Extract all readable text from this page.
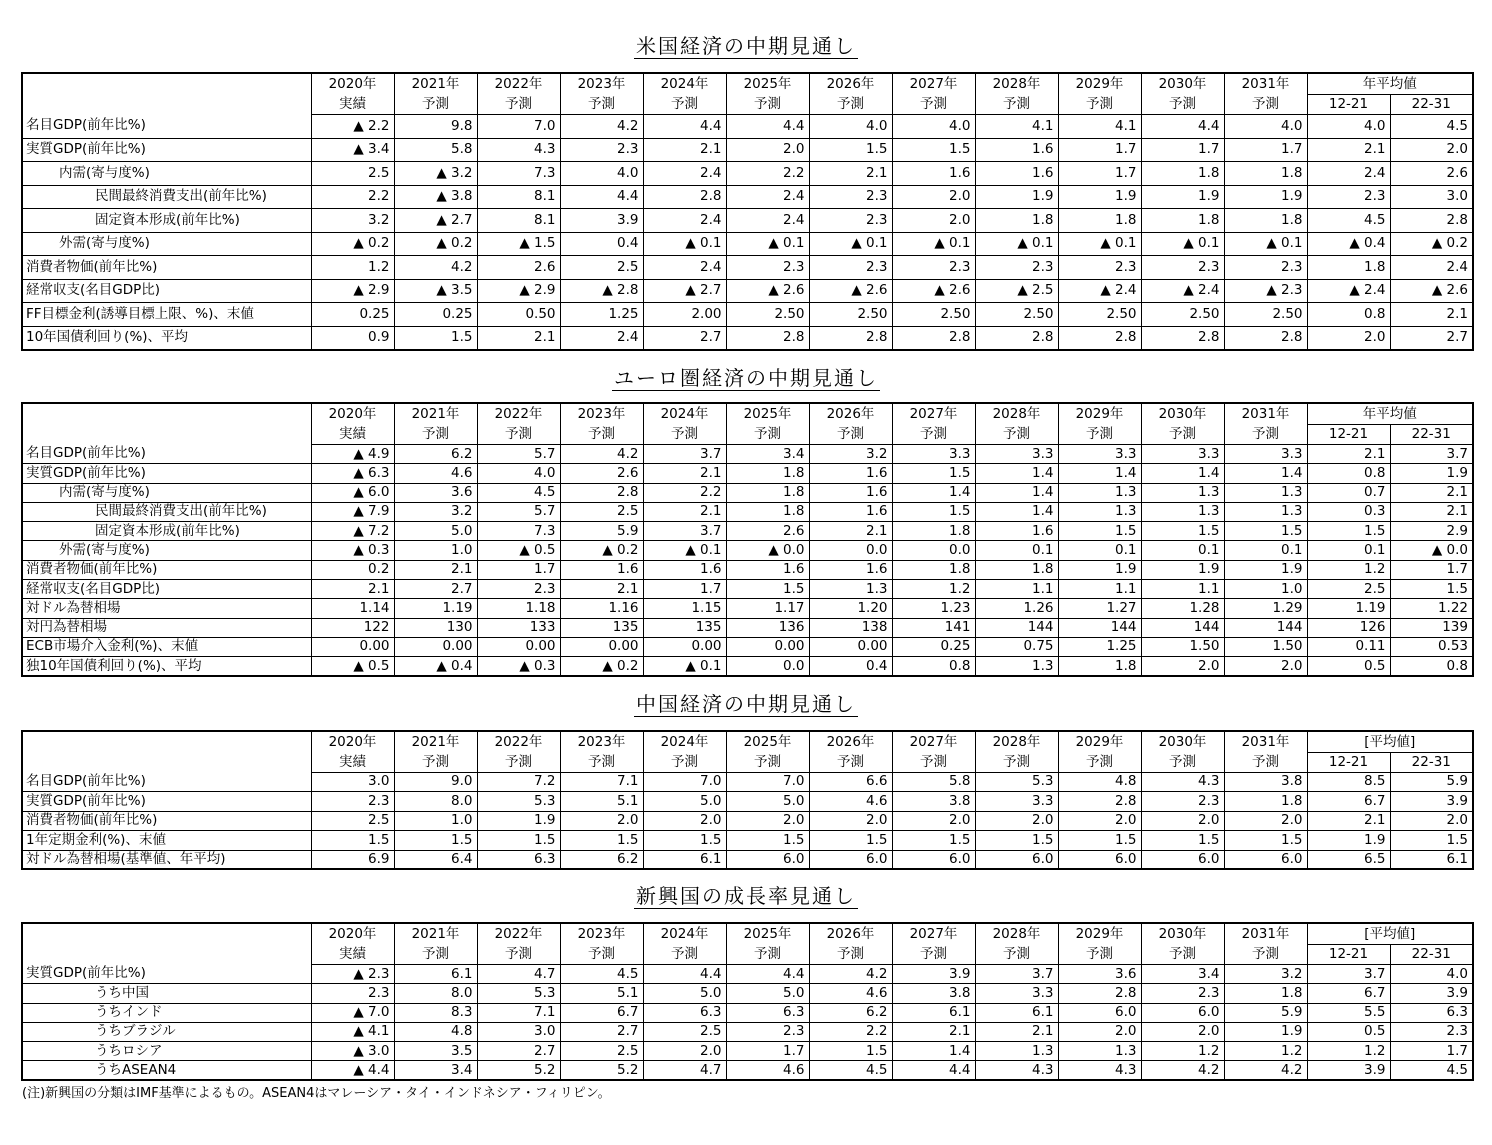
米国経済の中期見通し
	2020年	2021年	2022年	2023年	2024年	2025年	2026年	2027年	2028年	2029年	2030年	2031年	年平均値	
	実績	予測	予測	予測	予測	予測	予測	予測	予測	予測	予測	予測	12-21	22-31
名目GDP(前年比%)	▲ 2.2	9.8	7.0	4.2	4.4	4.4	4.0	4.0	4.1	4.1	4.4	4.0	4.0	4.5
実質GDP(前年比%)	▲ 3.4	5.8	4.3	2.3	2.1	2.0	1.5	1.5	1.6	1.7	1.7	1.7	2.1	2.0
内需(寄与度%)	2.5	▲ 3.2	7.3	4.0	2.4	2.2	2.1	1.6	1.6	1.7	1.8	1.8	2.4	2.6
民間最終消費支出(前年比%)	2.2	▲ 3.8	8.1	4.4	2.8	2.4	2.3	2.0	1.9	1.9	1.9	1.9	2.3	3.0
固定資本形成(前年比%)	3.2	▲ 2.7	8.1	3.9	2.4	2.4	2.3	2.0	1.8	1.8	1.8	1.8	4.5	2.8
外需(寄与度%)	▲ 0.2	▲ 0.2	▲ 1.5	0.4	▲ 0.1	▲ 0.1	▲ 0.1	▲ 0.1	▲ 0.1	▲ 0.1	▲ 0.1	▲ 0.1	▲ 0.4	▲ 0.2
消費者物価(前年比%)	1.2	4.2	2.6	2.5	2.4	2.3	2.3	2.3	2.3	2.3	2.3	2.3	1.8	2.4
経常収支(名目GDP比)	▲ 2.9	▲ 3.5	▲ 2.9	▲ 2.8	▲ 2.7	▲ 2.6	▲ 2.6	▲ 2.6	▲ 2.5	▲ 2.4	▲ 2.4	▲ 2.3	▲ 2.4	▲ 2.6
FF目標金利(誘導目標上限、%)、末値	0.25	0.25	0.50	1.25	2.00	2.50	2.50	2.50	2.50	2.50	2.50	2.50	0.8	2.1
10年国債利回り(%)、平均	0.9	1.5	2.1	2.4	2.7	2.8	2.8	2.8	2.8	2.8	2.8	2.8	2.0	2.7
ユーロ圏経済の中期見通し
	2020年	2021年	2022年	2023年	2024年	2025年	2026年	2027年	2028年	2029年	2030年	2031年	年平均値	
	実績	予測	予測	予測	予測	予測	予測	予測	予測	予測	予測	予測	12-21	22-31
名目GDP(前年比%)	▲ 4.9	6.2	5.7	4.2	3.7	3.4	3.2	3.3	3.3	3.3	3.3	3.3	2.1	3.7
実質GDP(前年比%)	▲ 6.3	4.6	4.0	2.6	2.1	1.8	1.6	1.5	1.4	1.4	1.4	1.4	0.8	1.9
内需(寄与度%)	▲ 6.0	3.6	4.5	2.8	2.2	1.8	1.6	1.4	1.4	1.3	1.3	1.3	0.7	2.1
民間最終消費支出(前年比%)	▲ 7.9	3.2	5.7	2.5	2.1	1.8	1.6	1.5	1.4	1.3	1.3	1.3	0.3	2.1
固定資本形成(前年比%)	▲ 7.2	5.0	7.3	5.9	3.7	2.6	2.1	1.8	1.6	1.5	1.5	1.5	1.5	2.9
外需(寄与度%)	▲ 0.3	1.0	▲ 0.5	▲ 0.2	▲ 0.1	▲ 0.0	0.0	0.0	0.1	0.1	0.1	0.1	0.1	▲ 0.0
消費者物価(前年比%)	0.2	2.1	1.7	1.6	1.6	1.6	1.6	1.8	1.8	1.9	1.9	1.9	1.2	1.7
経常収支(名目GDP比)	2.1	2.7	2.3	2.1	1.7	1.5	1.3	1.2	1.1	1.1	1.1	1.0	2.5	1.5
対ドル為替相場	1.14	1.19	1.18	1.16	1.15	1.17	1.20	1.23	1.26	1.27	1.28	1.29	1.19	1.22
対円為替相場	122	130	133	135	135	136	138	141	144	144	144	144	126	139
ECB市場介入金利(%)、末値	0.00	0.00	0.00	0.00	0.00	0.00	0.00	0.25	0.75	1.25	1.50	1.50	0.11	0.53
独10年国債利回り(%)、平均	▲ 0.5	▲ 0.4	▲ 0.3	▲ 0.2	▲ 0.1	0.0	0.4	0.8	1.3	1.8	2.0	2.0	0.5	0.8
中国経済の中期見通し
	2020年	2021年	2022年	2023年	2024年	2025年	2026年	2027年	2028年	2029年	2030年	2031年	[平均値]	
	実績	予測	予測	予測	予測	予測	予測	予測	予測	予測	予測	予測	12-21	22-31
名目GDP(前年比%)	3.0	9.0	7.2	7.1	7.0	7.0	6.6	5.8	5.3	4.8	4.3	3.8	8.5	5.9
実質GDP(前年比%)	2.3	8.0	5.3	5.1	5.0	5.0	4.6	3.8	3.3	2.8	2.3	1.8	6.7	3.9
消費者物価(前年比%)	2.5	1.0	1.9	2.0	2.0	2.0	2.0	2.0	2.0	2.0	2.0	2.0	2.1	2.0
1年定期金利(%)、末値	1.5	1.5	1.5	1.5	1.5	1.5	1.5	1.5	1.5	1.5	1.5	1.5	1.9	1.5
対ドル為替相場(基準値、年平均)	6.9	6.4	6.3	6.2	6.1	6.0	6.0	6.0	6.0	6.0	6.0	6.0	6.5	6.1
新興国の成長率見通し
	2020年	2021年	2022年	2023年	2024年	2025年	2026年	2027年	2028年	2029年	2030年	2031年	[平均値]	
	実績	予測	予測	予測	予測	予測	予測	予測	予測	予測	予測	予測	12-21	22-31
実質GDP(前年比%)	▲ 2.3	6.1	4.7	4.5	4.4	4.4	4.2	3.9	3.7	3.6	3.4	3.2	3.7	4.0
うち中国	2.3	8.0	5.3	5.1	5.0	5.0	4.6	3.8	3.3	2.8	2.3	1.8	6.7	3.9
うちインド	▲ 7.0	8.3	7.1	6.7	6.3	6.3	6.2	6.1	6.1	6.0	6.0	5.9	5.5	6.3
うちブラジル	▲ 4.1	4.8	3.0	2.7	2.5	2.3	2.2	2.1	2.1	2.0	2.0	1.9	0.5	2.3
うちロシア	▲ 3.0	3.5	2.7	2.5	2.0	1.7	1.5	1.4	1.3	1.3	1.2	1.2	1.2	1.7
うちASEAN4	▲ 4.4	3.4	5.2	5.2	4.7	4.6	4.5	4.4	4.3	4.3	4.2	4.2	3.9	4.5
(注)新興国の分類はIMF基準によるもの。ASEAN4はマレーシア・タイ・インドネシア・フィリピン。
